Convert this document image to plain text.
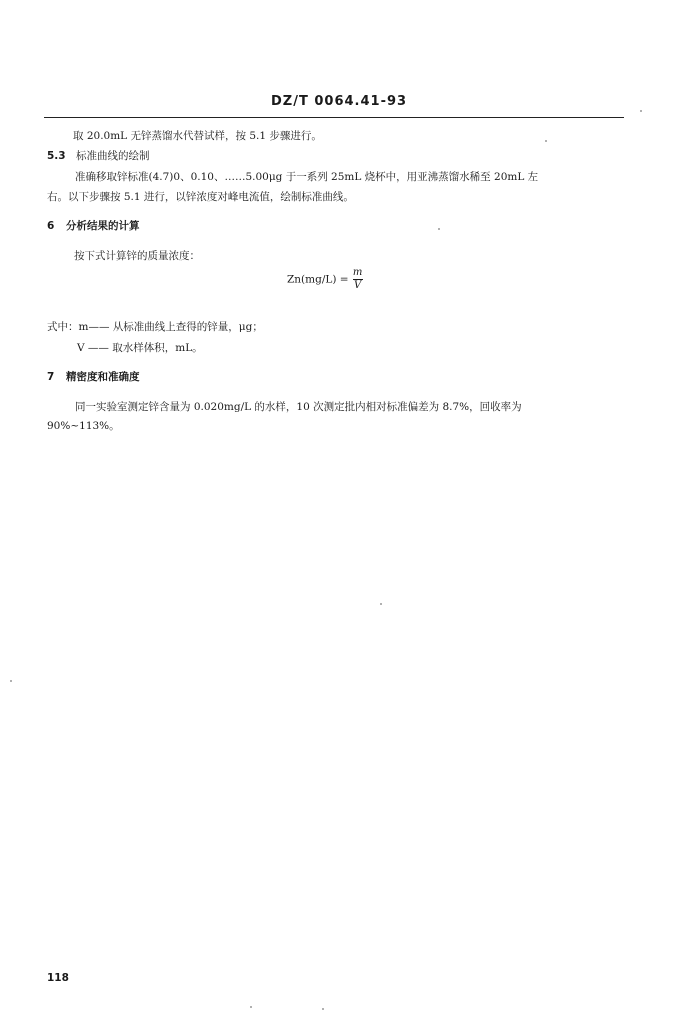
DZ/T 0064.41-93
取 20.0mL 无锌蒸馏水代替试样，按 5.1 步骤进行。
5.3 标准曲线的绘制
准确移取锌标准(4.7)0、0.10、……5.00μg 于一系列 25mL 烧杯中，用亚沸蒸馏水稀至 20mL 左
右。以下步骤按 5.1 进行，以锌浓度对峰电流值，绘制标准曲线。
6 分析结果的计算
按下式计算锌的质量浓度：
$Zn(mg/L) = \frac{m}{V}$
式中：m—— 从标准曲线上查得的锌量，μg；
V —— 取水样体积，mL。
7 精密度和准确度
同一实验室测定锌含量为 0.020mg/L 的水样，10 次测定批内相对标准偏差为 8.7%，回收率为
90%~113%。
118
